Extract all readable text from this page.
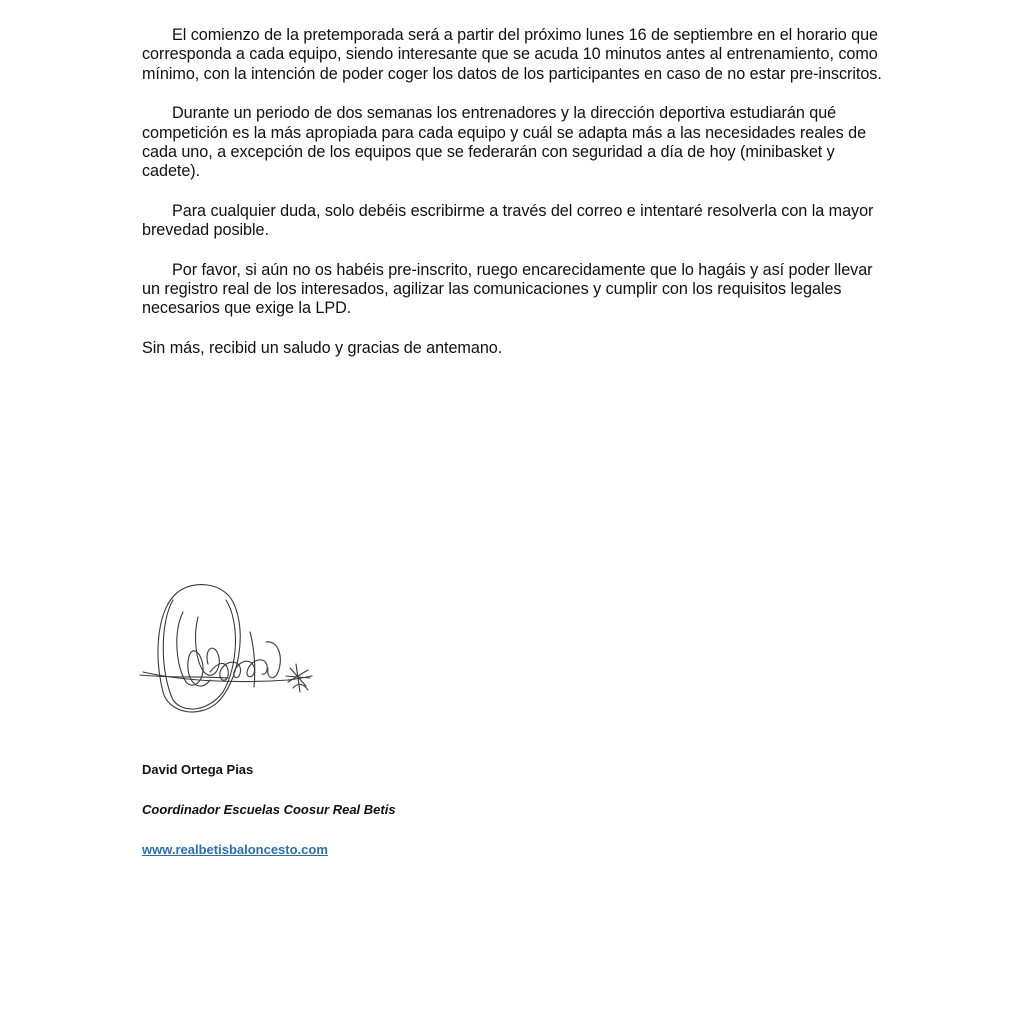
El comienzo de la pretemporada será a partir del próximo lunes 16 de septiembre en el horario que corresponda a cada equipo, siendo interesante que se acuda 10 minutos antes al entrenamiento, como mínimo, con la intención de poder coger los datos de los participantes en caso de no estar pre-inscritos.

Durante un periodo de dos semanas los entrenadores y la dirección deportiva estudiarán qué competición es la más apropiada para cada equipo y cuál se adapta más a las necesidades reales de cada uno, a excepción de los equipos que se federarán con seguridad a día de hoy (minibasket y cadete).

Para cualquier duda, solo debéis escribirme a través del correo e intentaré resolverla con la mayor brevedad posible.

Por favor, si aún no os habéis pre-inscrito, ruego encarecidamente que lo hagáis y así poder llevar un registro real de los interesados, agilizar las comunicaciones y cumplir con los requisitos legales necesarios que exige la LPD.

Sin más, recibid un saludo y gracias de antemano.

David Ortega Pias

Coordinador Escuelas Coosur Real Betis

www.realbetisbaloncesto.com
